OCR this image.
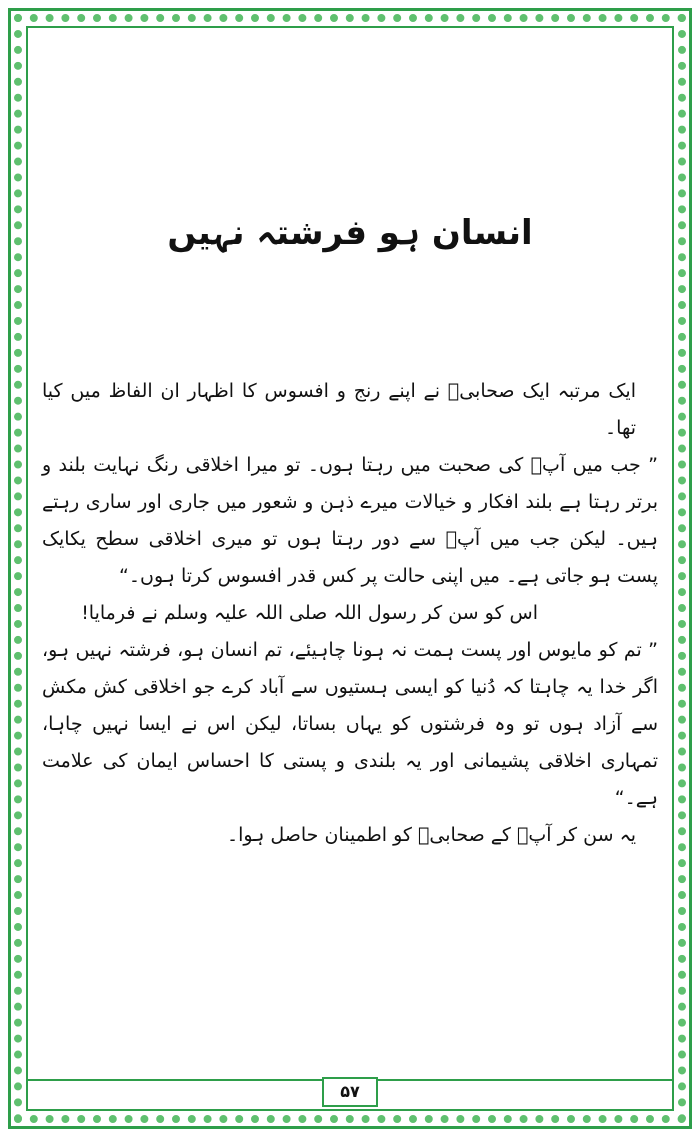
انسان ہو فرشتہ نہیں

ایک مرتبہ ایک صحابیؓ نے اپنے رنج و افسوس کا اظہار ان الفاظ میں کیا تھا۔

” جب میں آپؐ کی صحبت میں رہتا ہوں۔ تو میرا اخلاقی رنگ نہایت بلند و برتر رہتا ہے بلند افکار و خیالات میرے ذہن و شعور میں جاری اور ساری رہتے ہیں۔ لیکن جب میں آپؐ سے دور رہتا ہوں تو میری اخلاقی سطح یکایک پست ہو جاتی ہے۔ میں اپنی حالت پر کس قدر افسوس کرتا ہوں۔“

اس کو سن کر رسول اللہ صلی اللہ علیہ وسلم نے فرمایا!

” تم کو مایوس اور پست ہمت نہ ہونا چاہیئے، تم انسان ہو، فرشتہ نہیں ہو، اگر خدا یہ چاہتا کہ دُنیا کو ایسی ہستیوں سے آباد کرے جو اخلاقی کش مکش سے آزاد ہوں تو وہ فرشتوں کو یہاں بساتا، لیکن اس نے ایسا نہیں چاہا، تمہاری اخلاقی پشیمانی اور یہ بلندی و پستی کا احساس ایمان کی علامت ہے۔“

یہ سن کر آپؐ کے صحابیؓ کو اطمینان حاصل ہوا۔

۵۷
